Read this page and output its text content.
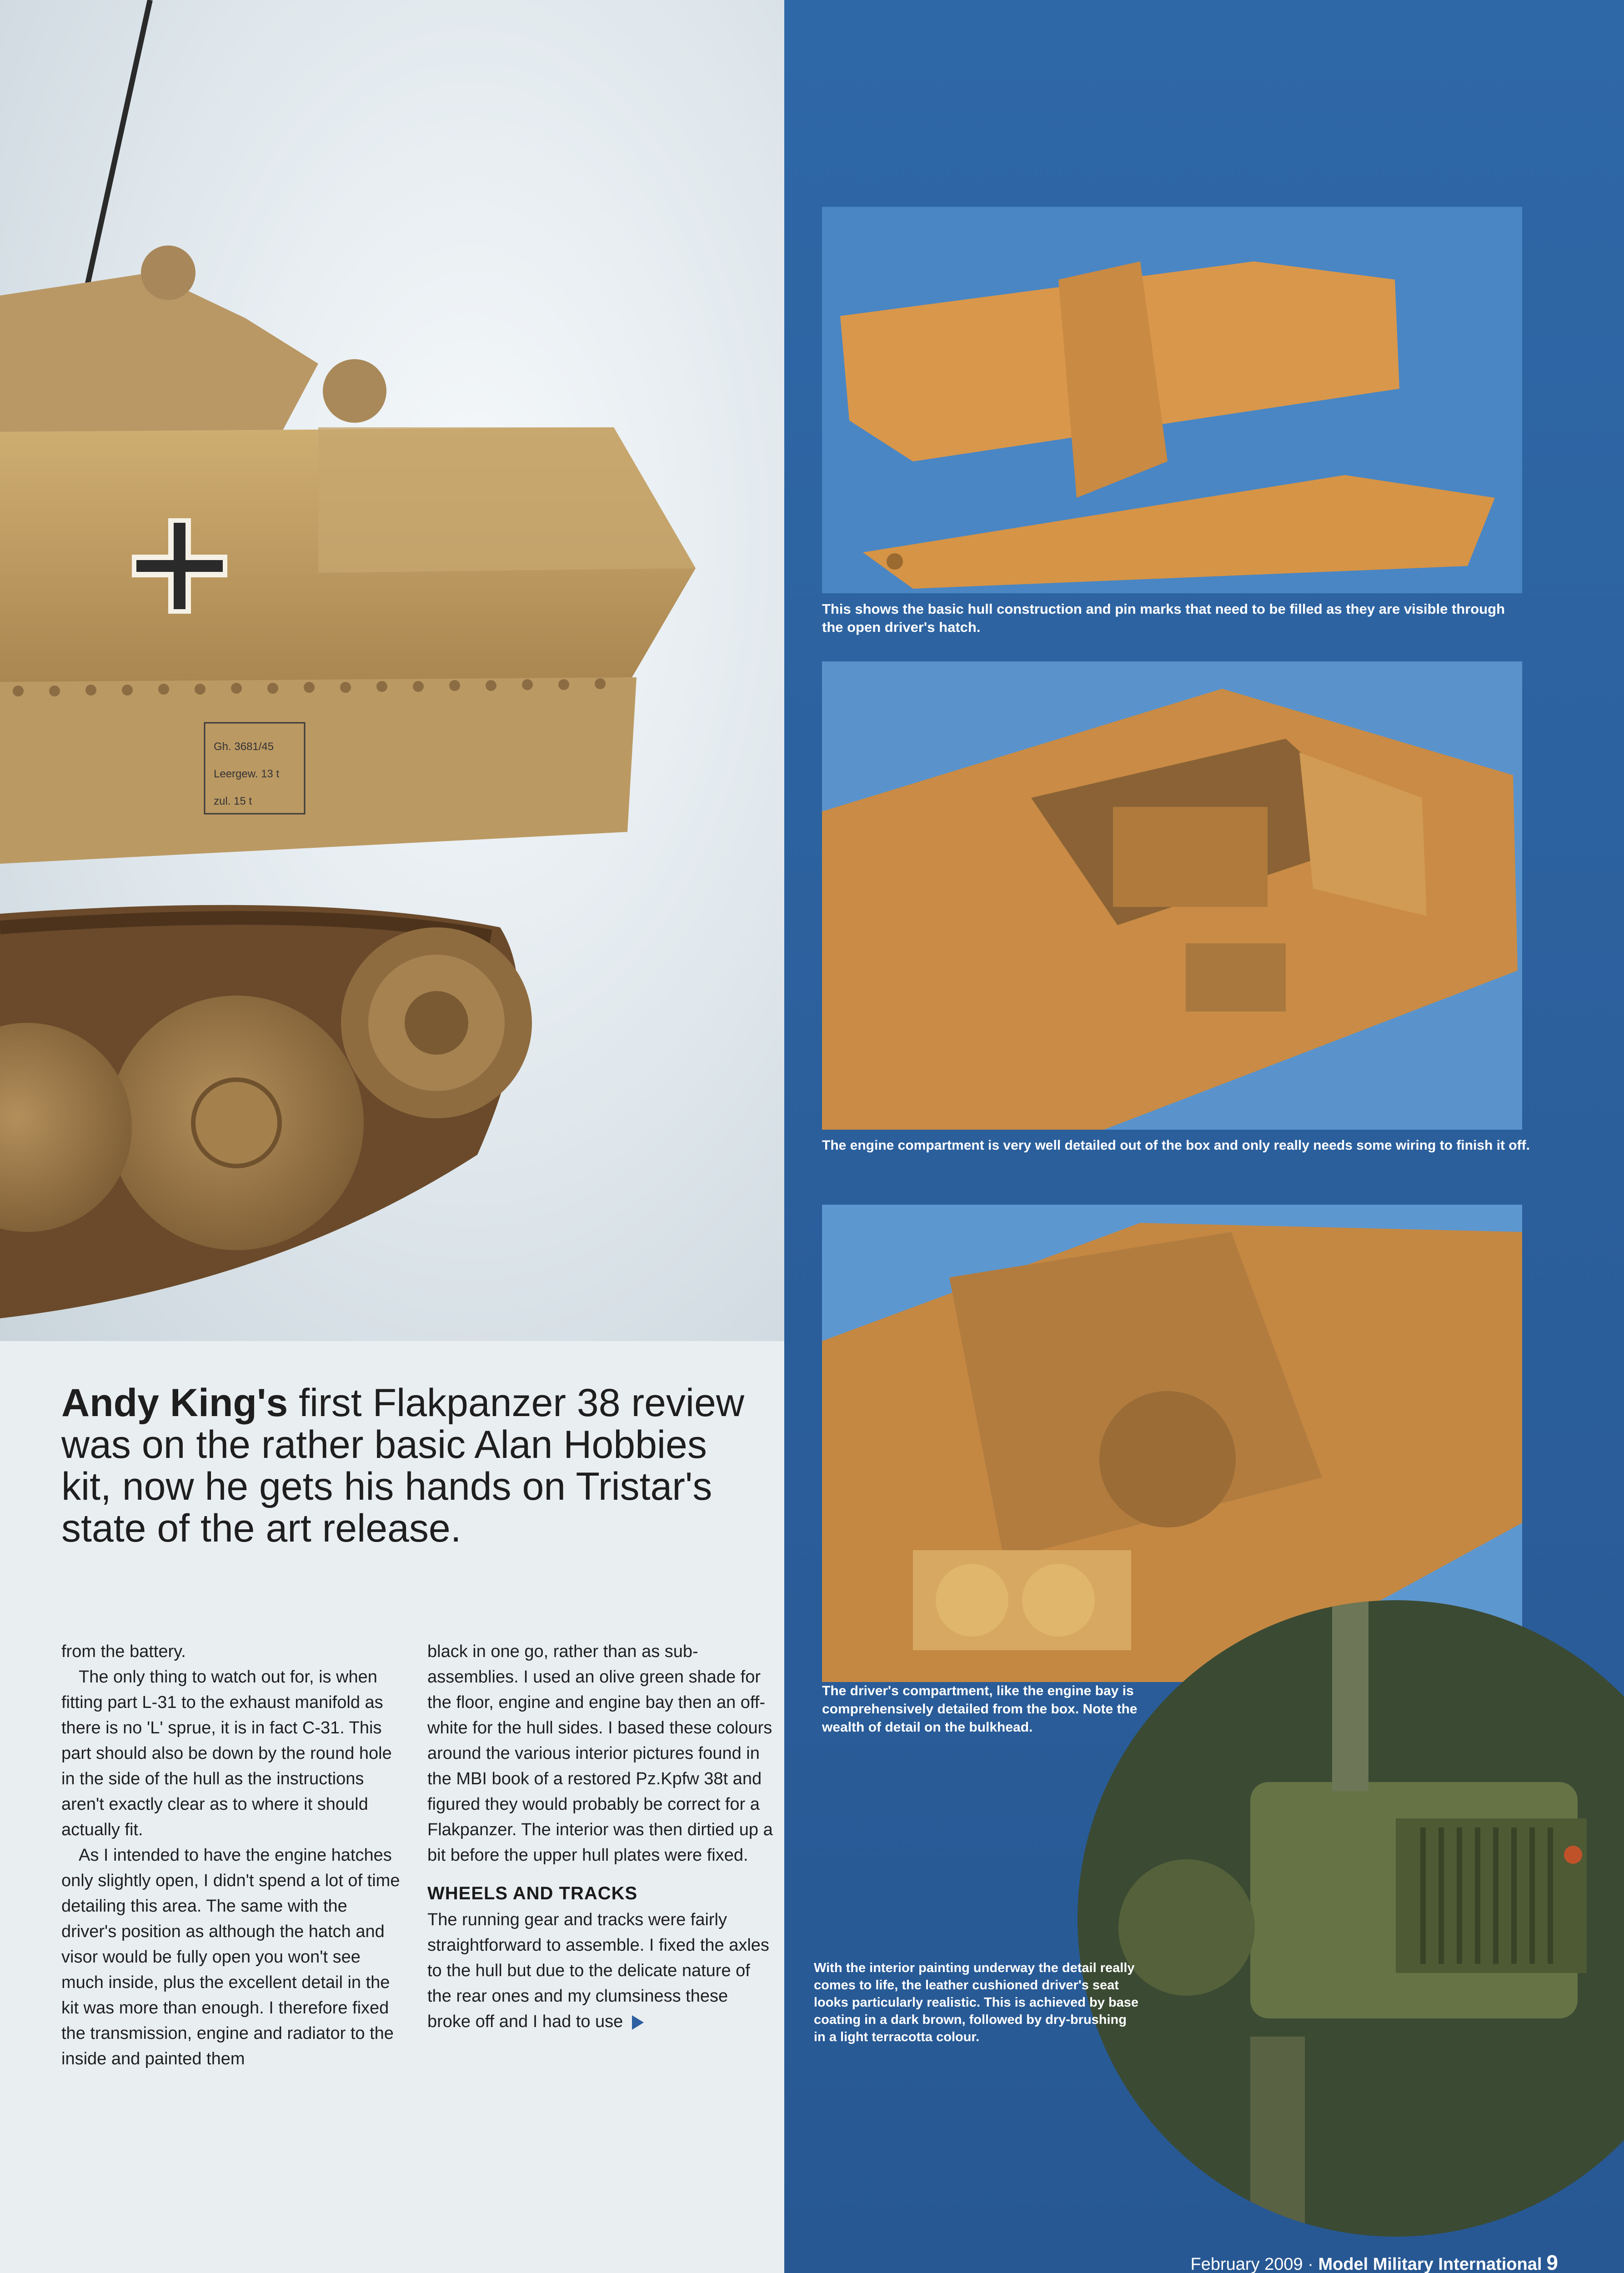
Gh. 3681/45
Leergew. 13 t
zul. 15 t
This shows the basic hull construction and pin marks that need to be filled as they are visible through the open driver's hatch.
The engine compartment is very well detailed out of the box and only really needs some wiring to finish it off.
The driver's compartment, like the engine bay is comprehensively detailed from the box. Note the wealth of detail on the bulkhead.
With the interior painting underway the detail really comes to life, the leather cushioned driver's seat looks particularly realistic. This is achieved by base coating in a dark brown, followed by dry-brushing in a light terracotta colour.
Andy King's first Flakpanzer 38 review was on the rather basic Alan Hobbies kit, now he gets his hands on Tristar's state of the art release.

from the battery.

The only thing to watch out for, is when fitting part L-31 to the exhaust manifold as there is no 'L' sprue, it is in fact C-31. This part should also be down by the round hole in the side of the hull as the instructions aren't exactly clear as to where it should actually fit.

As I intended to have the engine hatches only slightly open, I didn't spend a lot of time detailing this area. The same with the driver's position as although the hatch and visor would be fully open you won't see much inside, plus the excellent detail in the kit was more than enough. I therefore fixed the transmission, engine and radiator to the inside and painted them

black in one go, rather than as sub-assemblies. I used an olive green shade for the floor, engine and engine bay then an off-white for the hull sides. I based these colours around the various interior pictures found in the MBI book of a restored Pz.Kpfw 38t and figured they would probably be correct for a Flakpanzer. The interior was then dirtied up a bit before the upper hull plates were fixed.

WHEELS AND TRACKS

The running gear and tracks were fairly straightforward to assemble. I fixed the axles to the hull but due to the delicate nature of the rear ones and my clumsiness these broke off and I had to use

February 2009 · Model Military International 9
